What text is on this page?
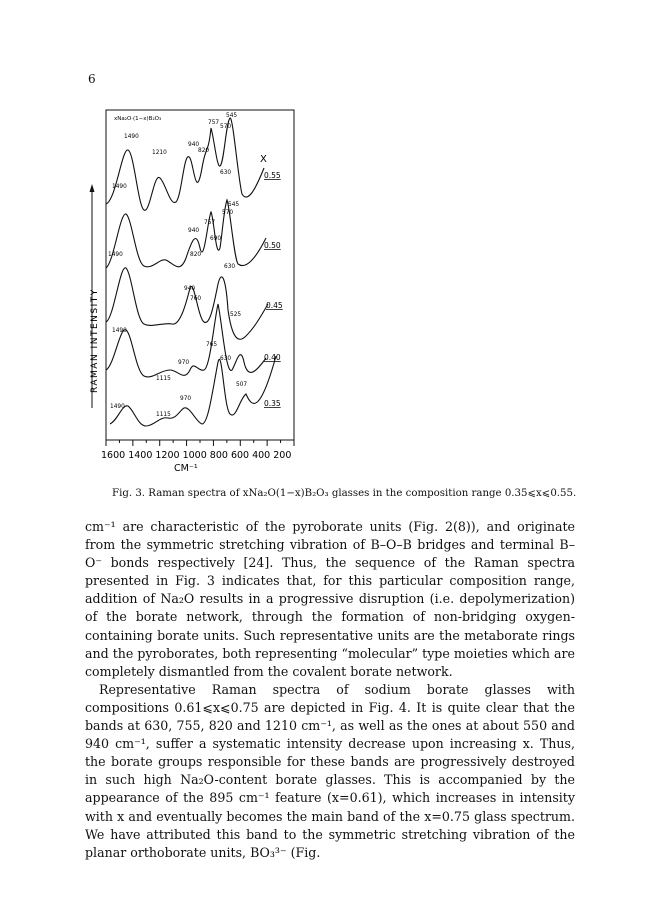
6
RAMAN INTENSITY
xNa₂O·(1−x)B₂O₃
X
0.55
0.50
0.45
0.40
0.35
757
545
570
1490
940
820
1210
630
1490
545
570
757
940
690
1490	820
630
940
760
525
1490
765
970
630
1115
507
1490
970
1115
1600 1400 1200 1000 800 600 400 200
CM⁻¹
Fig. 3. Raman spectra of xNa₂O(1−x)B₂O₃ glasses in the composition range 0.35⩽x⩽0.55.

cm⁻¹ are characteristic of the pyroborate units (Fig. 2(8)), and originate from the symmetric stretching vibration of B–O–B bridges and terminal B–O⁻ bonds respectively [24]. Thus, the sequence of the Raman spectra presented in Fig. 3 indicates that, for this particular composition range, addition of Na₂O results in a progressive disruption (i.e. depolymerization) of the borate network, through the formation of non-bridging oxygen-containing borate units. Such representative units are the metaborate rings and the pyroborates, both representing “molecular” type moieties which are completely dismantled from the covalent borate network.

Representative Raman spectra of sodium borate glasses with compositions 0.61⩽x⩽0.75 are depicted in Fig. 4. It is quite clear that the bands at 630, 755, 820 and 1210 cm⁻¹, as well as the ones at about 550 and 940 cm⁻¹, suffer a systematic intensity decrease upon increasing x. Thus, the borate groups responsible for these bands are progressively destroyed in such high Na₂O-content borate glasses. This is accompanied by the appearance of the 895 cm⁻¹ feature (x=0.61), which increases in intensity with x and eventually becomes the main band of the x=0.75 glass spectrum. We have attributed this band to the symmetric stretching vibration of the planar orthoborate units, BO₃³⁻ (Fig.
